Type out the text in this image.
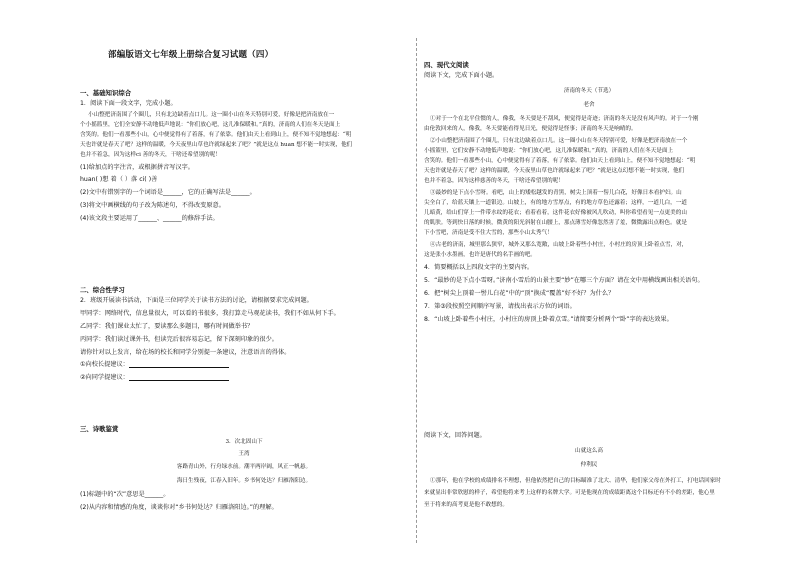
部编版语文七年级上册综合复习试题（四）
一、基础知识综合
1．阅读下面一段文字，完成小题。
小山整把济南围了个圈儿，只有北边缺着点口儿。这一圈小山在冬天特别可爱，好像是把济南放在一
个小摇篮里，它们全安静不动地低声地说：“你们放心吧，这儿准保暖和。”真的，济南的人们在冬天是面上
含笑的。他们一看那些小山，心中便觉得有了着落，有了依靠。他们由天上看到山上，便不知不觉地想起：“明
天也许就是春天了吧？这样的温暖，今天夜里山草也许就绿起来了吧？”就是这点 huan 想不能一时实现，他们
也并不着急，因为这样ci 善的冬天，干啥还希望别的呢！
(1)给加点的字注音，或根据拼音写汉字。
huan( )想 着（ ）落 ci( )善
(2)文中有错别字的一个词语是______，它的正确写法是______。
(3)将文中画横线的句子改为陈述句，不得改变原意。
(4)该文段主要运用了______、______的修辞手法。
二、综合性学习
2．班级开展读书活动，下面是三位同学关于读书方法的讨论，请根据要求完成问题。
甲同学：网络时代，信息量很大，可以看的书很多，我打算走马观花读书，我们不如从何下手。
乙同学：我们课业太忙了，要读那么多题目，哪有时间做举书？
丙同学：我们读过课外书，但读完后很容易忘记，留下深刻印象的很少。
请你针对以上发言，给在场的校长和同学分别提一条建议，注意语言的得体。
①向校长提建议：
②向同学提建议：
三、诗歌鉴赏
3．次北固山下
王湾
客路青山外，行舟绿水前。潮平两岸阔，风正一帆悬。
海日生残夜，江春入旧年。乡书何处达？归雁洛阳边。
(1)标题中的“次”意思是______。
(2)从内容和情感的角度，谈谈你对“乡书何处达？归雁洛阳边。”的理解。
四、现代文阅读
阅读下文，完成下面小题。
济南的冬天（节选）
老舍
①对于一个在北平住惯的人，像我，冬天要是不刮风，便觉得是奇迹；济南的冬天是没有风声的。对于一个刚
由伦敦回来的人，像我，冬天要能看得见日光，便觉得是怪事；济南的冬天是响晴的。
②小山整把济南围了个圈儿，只有北边缺着点口儿。这一圈小山在冬天特别可爱，好像是把济南放在一个
小摇篮里，它们安静不动地低声地说：“你们放心吧，这儿准保暖和。”真的，济南的人们在冬天是面上
含笑的。他们一看那些小山，心中便觉得有了着落，有了依靠。他们由天上看到山上，便不知不觉地想起：“明
天也许就是春天了吧？这样的温暖，今天夜里山草也许就绿起来了吧？”就是这点幻想不能一时实现，他们
也并不着急，因为这样慈善的冬天，干啥还希望别的呢！
③最妙的是下点小雪呀。看吧，山上的矮松越发的青黑，树尖上顶着一髻儿白花，好像日本看护妇。山
尖全白了，给蓝天镶上一道银边。山坡上，有的地方雪厚点，有的地方草色还露着；这样，一道儿白，一道
儿暗黄，给山们穿上一件带水纹的花衣；看着看着，这件花衣好像被风儿吹动，叫你希望看见一点更美的山
的肌肤。等到快日落的时候，微黄的阳光斜射在山腰上，那点薄雪好像忽然害了羞，微微露出点粉色。就是
下小雪吧，济南是受不住大雪的，那些小山太秀气！
④古老的济南，城里那么狭窄，城外又那么宽敞，山坡上卧着些小村庄，小村庄的房顶上卧着点雪，对，
这是张小水墨画，也许是唐代的名手画的吧。
4．简要概括以上四段文字的主要内容。
5．“最妙的是下点小雪呀。”济南小雪后的山景主要“妙”在哪三个方面？请在文中用横线画出相关语句。
6．把“树尖上顶着一髻儿白花”中的“顶”换成“覆盖”好不好？为什么？
7．第③段按照空间顺序写景，请找出表示方位的词语。
8．“山坡上卧着些小村庄，小村庄的房顶上卧着点雪。”请简要分析两个“卧”字的表达效果。
阅读下文，回答问题。
山就这么高
仲利民
①那年，他在学校的成绩排名不理想，但他依然把自己的目标瞄准了北大、清华，他们家父母在外打工，打电话回家时
来就显出非常欣慰的样子，希望他将来考上这样的名牌大学。可是他现在的成绩距离这个目标还有不小的差距，他心里
至于将来的高考更是他不敢想的。
